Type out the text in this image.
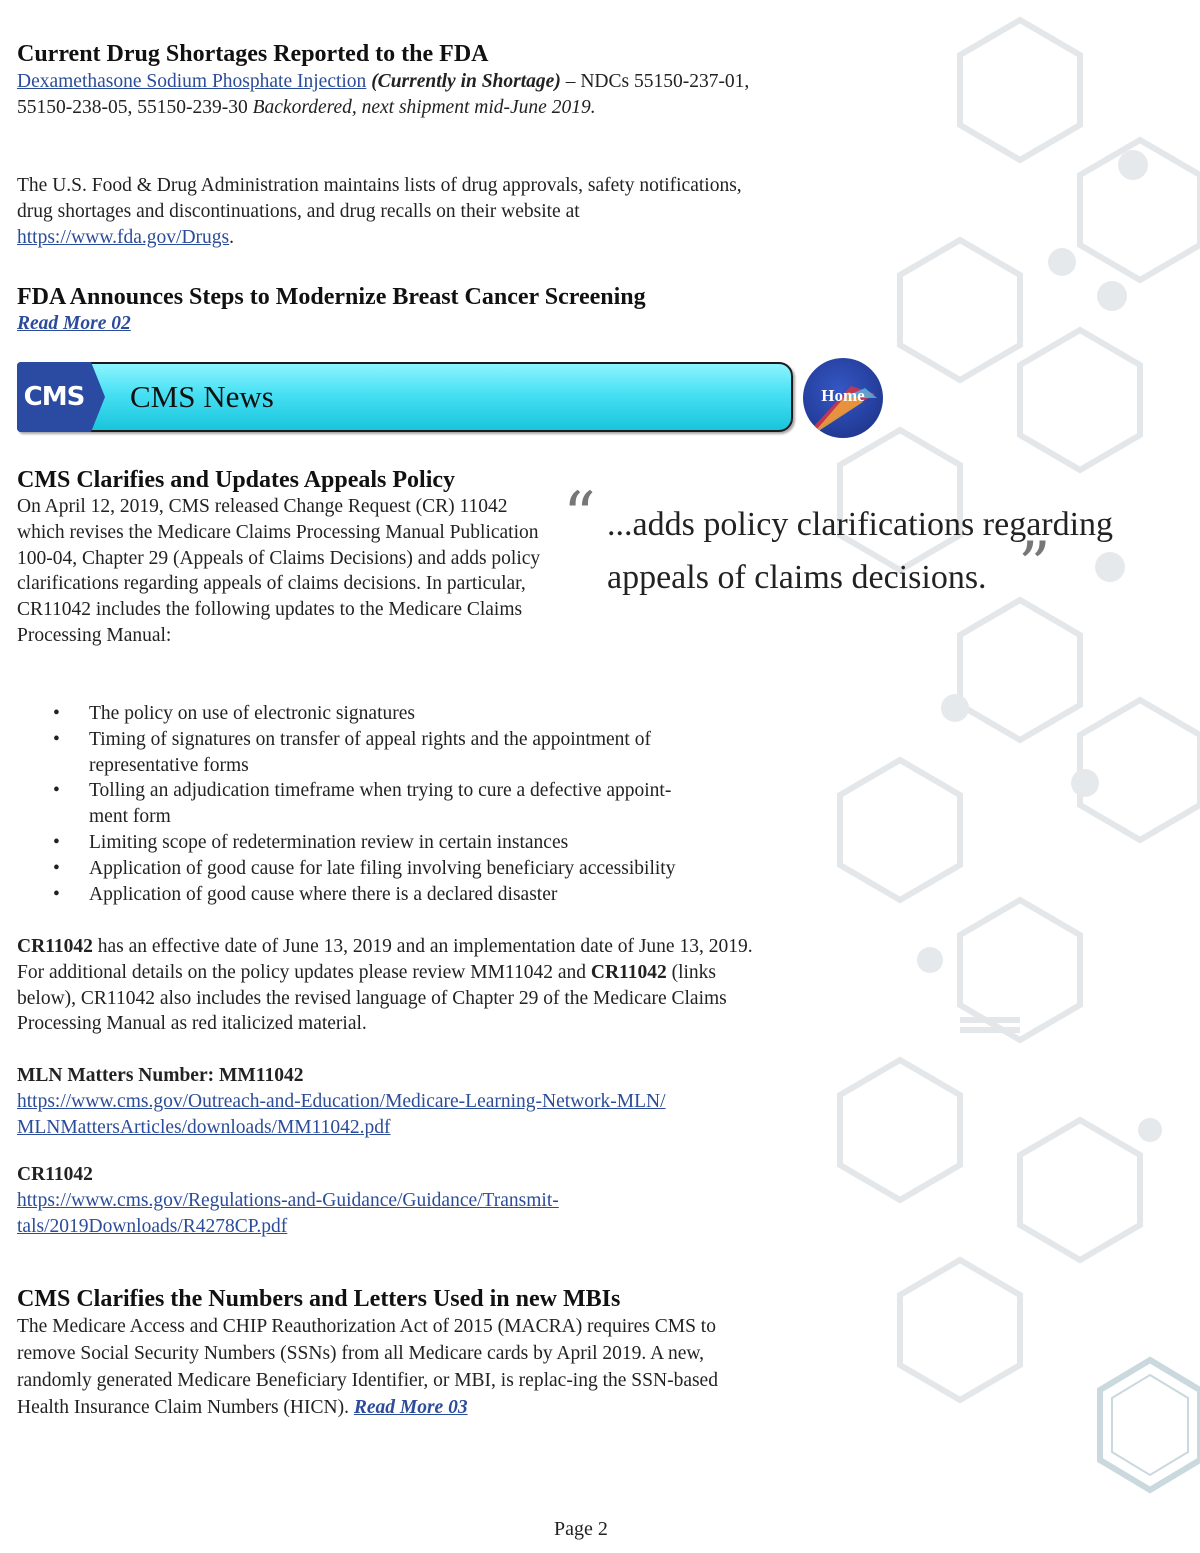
Current Drug Shortages Reported to the FDA

Dexamethasone Sodium Phosphate Injection (Currently in Shortage) – NDCs 55150-237-01, 55150-238-05, 55150-239-30 Backordered, next shipment mid-June 2019.

The U.S. Food & Drug Administration maintains lists of drug approvals, safety notifications, drug shortages and discontinuations, and drug recalls on their website at https://www.fda.gov/Drugs.

FDA Announces Steps to Modernize Breast Cancer Screening

Read More 02

CMS Clarifies and Updates Appeals Policy

On April 12, 2019, CMS released Change Request (CR) 11042 which revises the Medicare Claims Processing Manual Publication 100-04, Chapter 29 (Appeals of Claims Decisions) and adds policy clarifications regarding appeals of claims decisions. In particular, CR11042 includes the following updates to the Medicare Claims Processing Manual:

• The policy on use of electronic signatures
• Timing of signatures on transfer of appeal rights and the appointment of representative forms
• Tolling an adjudication timeframe when trying to cure a defective appoint-ment form
• Limiting scope of redetermination review in certain instances
• Application of good cause for late filing involving beneficiary accessibility
• Application of good cause where there is a declared disaster

CR11042 has an effective date of June 13, 2019 and an implementation date of June 13, 2019. For additional details on the policy updates please review MM11042 and CR11042 (links below), CR11042 also includes the revised language of Chapter 29 of the Medicare Claims Processing Manual as red italicized material.

MLN Matters Number: MM11042

https://www.cms.gov/Outreach-and-Education/Medicare-Learning-Network-MLN/
MLNMattersArticles/downloads/MM11042.pdf

CR11042

https://www.cms.gov/Regulations-and-Guidance/Guidance/Transmit-
tals/2019Downloads/R4278CP.pdf

CMS Clarifies the Numbers and Letters Used in new MBIs

The Medicare Access and CHIP Reauthorization Act of 2015 (MACRA) requires CMS to remove Social Security Numbers (SSNs) from all Medicare cards by April 2019. A new, randomly generated Medicare Beneficiary Identifier, or MBI, is replac-ing the SSN-based Health Insurance Claim Numbers (HICN). Read More 03

CMS CMS News	Home
“ ...adds policy clarifications regarding appeals of claims decisions. ”
Page 2
